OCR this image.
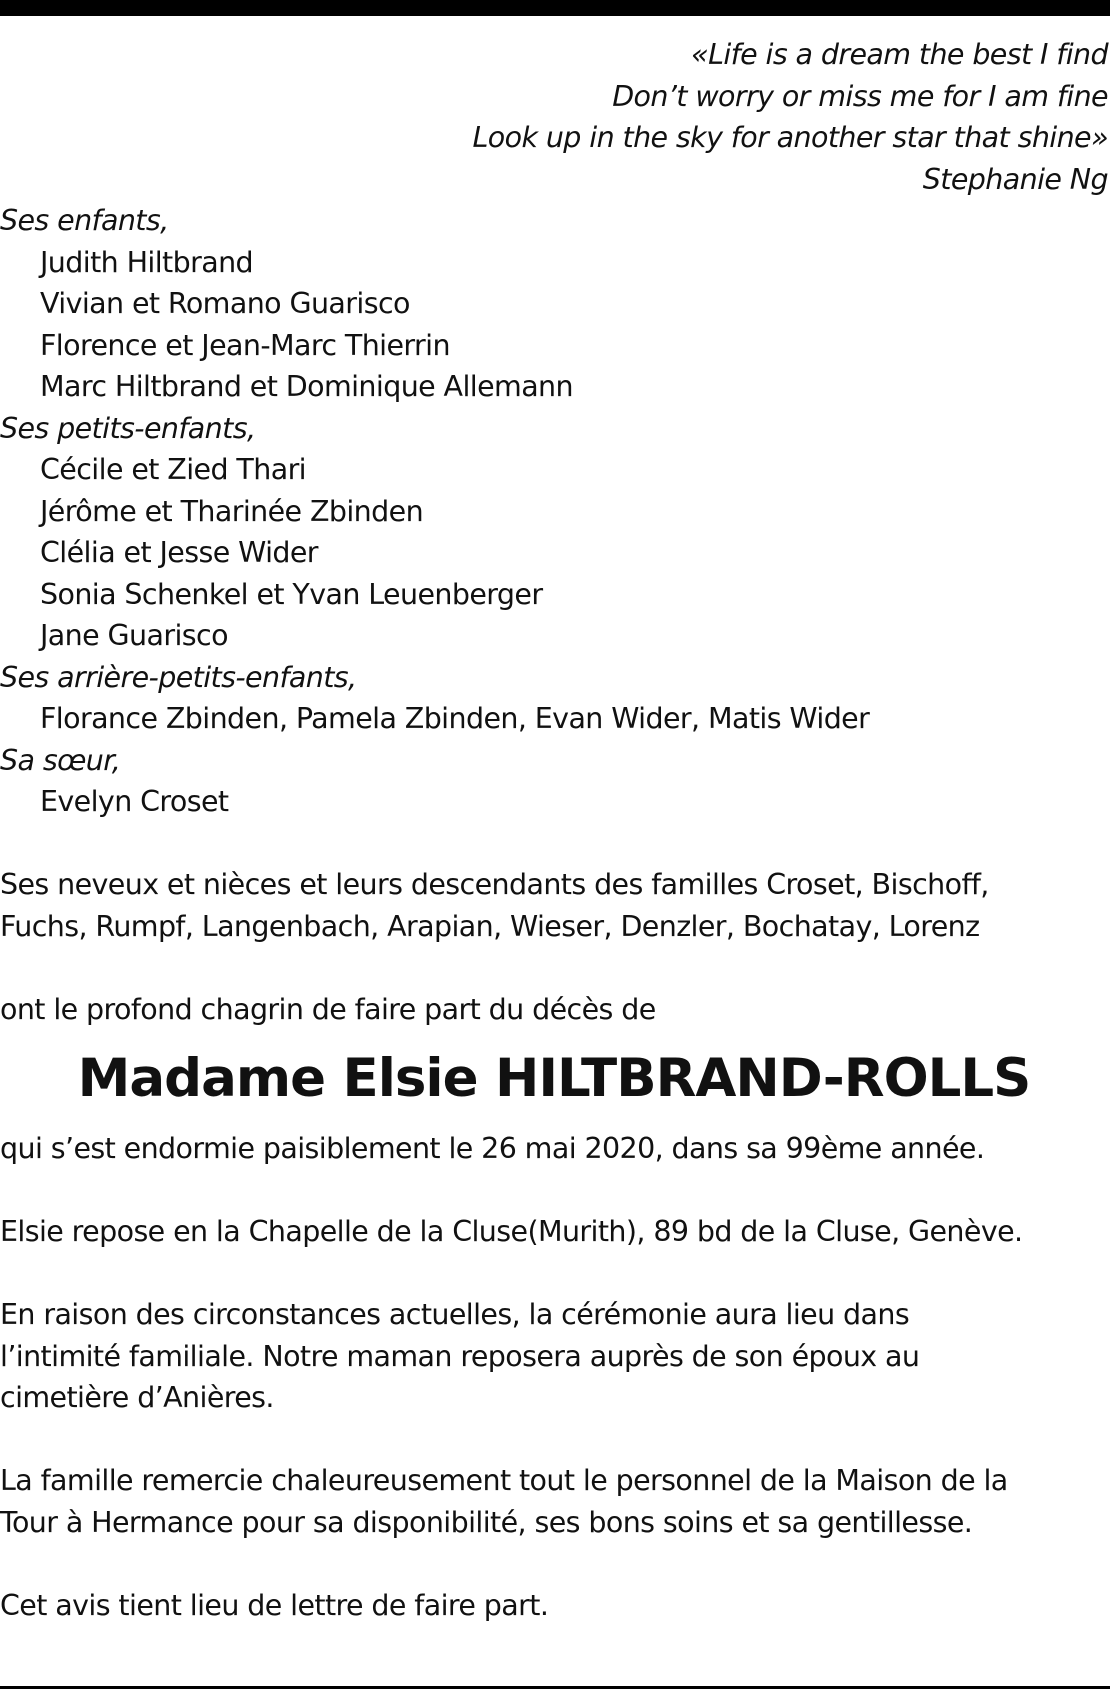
«Life is a dream the best I find
Don’t worry or miss me for I am fine
Look up in the sky for another star that shine»
Stephanie Ng
Ses enfants,
Judith Hiltbrand
Vivian et Romano Guarisco
Florence et Jean-Marc Thierrin
Marc Hiltbrand et Dominique Allemann
Ses petits-enfants,
Cécile et Zied Thari
Jérôme et Tharinée Zbinden
Clélia et Jesse Wider
Sonia Schenkel et Yvan Leuenberger
Jane Guarisco
Ses arrière-petits-enfants,
Florance Zbinden, Pamela Zbinden, Evan Wider, Matis Wider
Sa sœur,
Evelyn Croset
Ses neveux et nièces et leurs descendants des familles Croset, Bischoff,
Fuchs, Rumpf, Langenbach, Arapian, Wieser, Denzler, Bochatay, Lorenz
ont le profond chagrin de faire part du décès de
Madame Elsie HILTBRAND-ROLLS
qui s’est endormie paisiblement le 26 mai 2020, dans sa 99ème année.
Elsie repose en la Chapelle de la Cluse(Murith), 89 bd de la Cluse, Genève.
En raison des circonstances actuelles, la cérémonie aura lieu dans
l’intimité familiale. Notre maman reposera auprès de son époux au
cimetière d’Anières.
La famille remercie chaleureusement tout le personnel de la Maison de la
Tour à Hermance pour sa disponibilité, ses bons soins et sa gentillesse.
Cet avis tient lieu de lettre de faire part.
